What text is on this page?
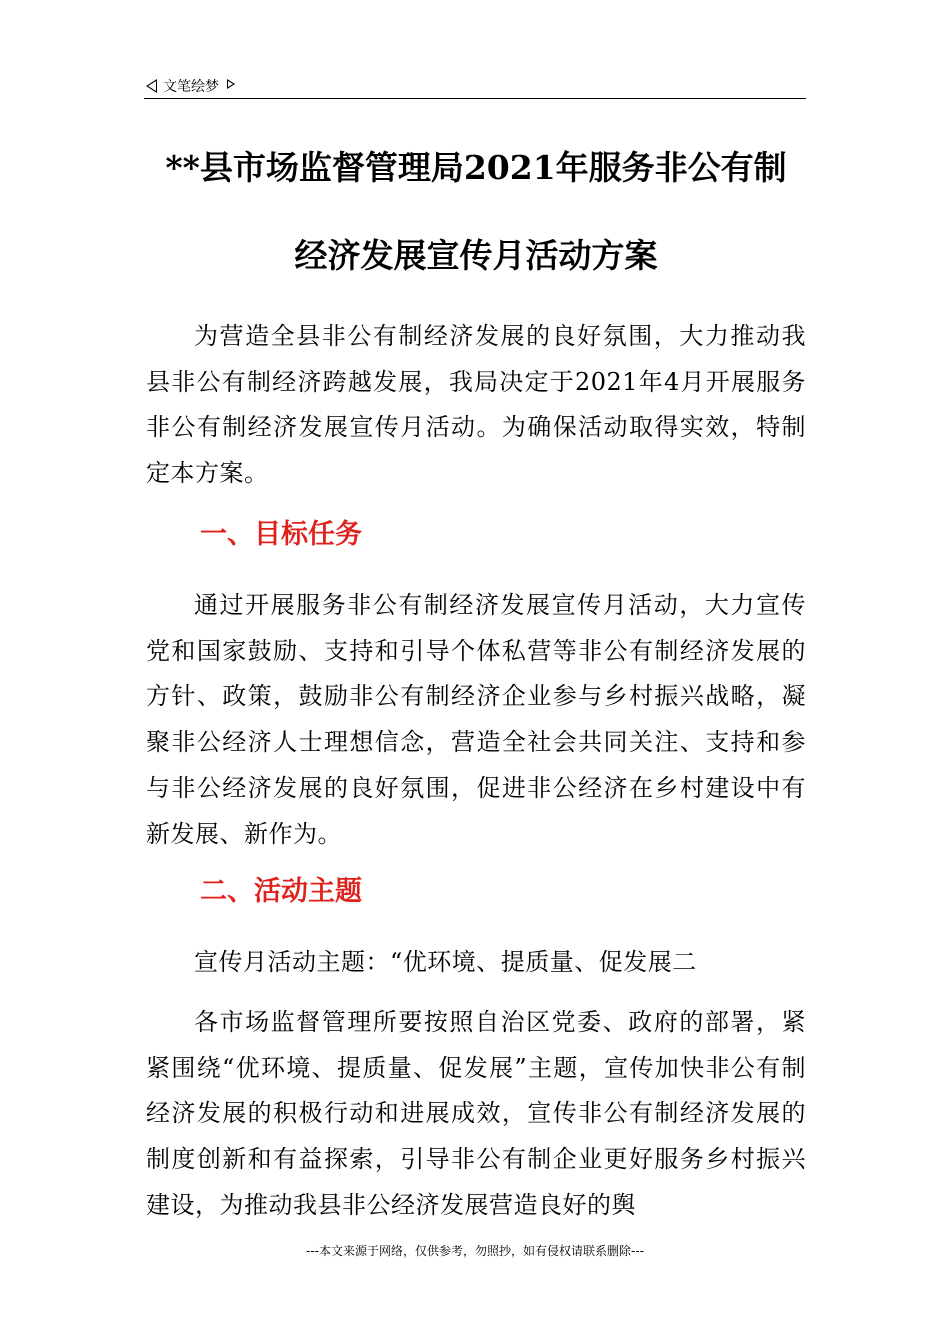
文笔绘梦
**县市场监督管理局2021年服务非公有制
经济发展宣传月活动方案

为营造全县非公有制经济发展的良好氛围，大力推动我县非公有制经济跨越发展，我局决定于2021年4月开展服务非公有制经济发展宣传月活动。为确保活动取得实效，特制定本方案。

一、目标任务

通过开展服务非公有制经济发展宣传月活动，大力宣传党和国家鼓励、支持和引导个体私营等非公有制经济发展的方针、政策，鼓励非公有制经济企业参与乡村振兴战略，凝聚非公经济人士理想信念，营造全社会共同关注、支持和参与非公经济发展的良好氛围，促进非公经济在乡村建设中有新发展、新作为。

二、活动主题

宣传月活动主题：“优环境、提质量、促发展二

各市场监督管理所要按照自治区党委、政府的部署，紧紧围绕“优环境、提质量、促发展”主题，宣传加快非公有制经济发展的积极行动和进展成效，宣传非公有制经济发展的制度创新和有益探索，引导非公有制企业更好服务乡村振兴建设，为推动我县非公经济发展营造良好的舆

---本文来源于网络，仅供参考，勿照抄，如有侵权请联系删除---
